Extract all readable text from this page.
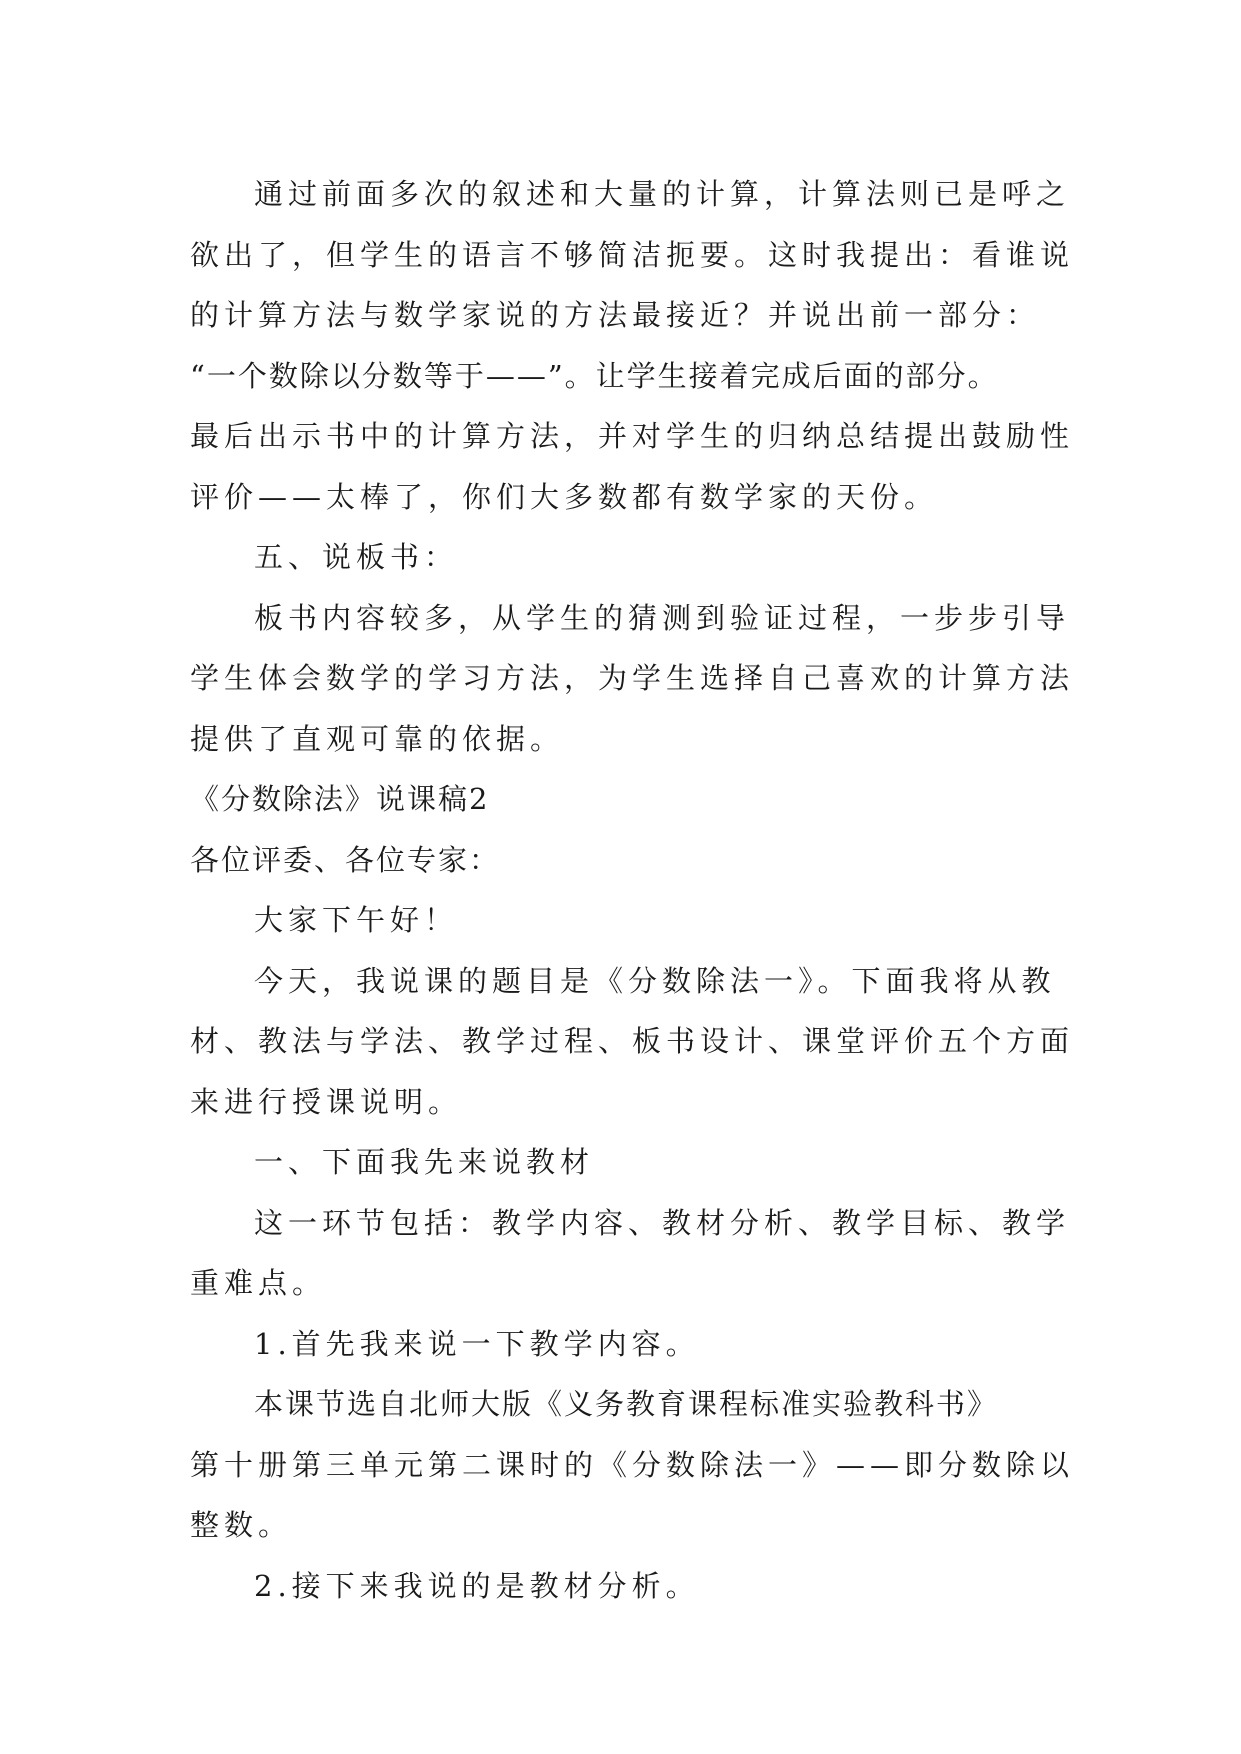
通过前面多次的叙述和大量的计算，计算法则已是呼之
欲出了，但学生的语言不够简洁扼要。这时我提出：看谁说
的计算方法与数学家说的方法最接近？并说出前一部分：
“一个数除以分数等于——”。让学生接着完成后面的部分。
最后出示书中的计算方法，并对学生的归纳总结提出鼓励性
评价——太棒了，你们大多数都有数学家的天份。
五、说板书：
板书内容较多，从学生的猜测到验证过程，一步步引导
学生体会数学的学习方法，为学生选择自己喜欢的计算方法
提供了直观可靠的依据。
《分数除法》说课稿2
各位评委、各位专家：
大家下午好！
今天，我说课的题目是《分数除法一》。下面我将从教
材、教法与学法、教学过程、板书设计、课堂评价五个方面
来进行授课说明。
一、下面我先来说教材
这一环节包括：教学内容、教材分析、教学目标、教学
重难点。
1.首先我来说一下教学内容。
本课节选自北师大版《义务教育课程标准实验教科书》
第十册第三单元第二课时的《分数除法一》——即分数除以
整数。
2.接下来我说的是教材分析。
